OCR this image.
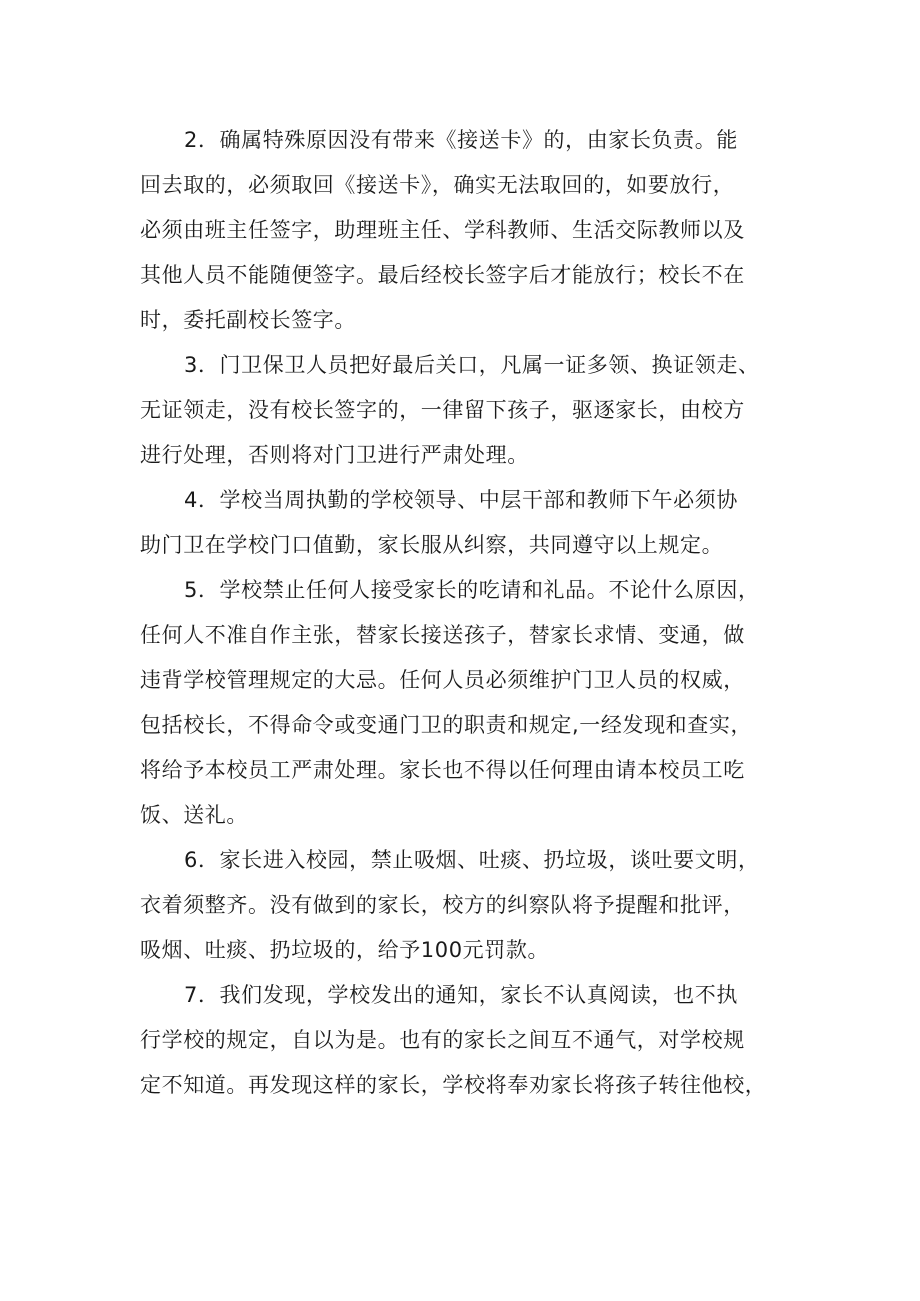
2．确属特殊原因没有带来《接送卡》的，由家长负责。能
回去取的，必须取回《接送卡》，确实无法取回的，如要放行，
必须由班主任签字，助理班主任、学科教师、生活交际教师以及
其他人员不能随便签字。最后经校长签字后才能放行；校长不在
时，委托副校长签字。
3．门卫保卫人员把好最后关口，凡属一证多领、换证领走、
无证领走，没有校长签字的，一律留下孩子，驱逐家长，由校方
进行处理，否则将对门卫进行严肃处理。
4．学校当周执勤的学校领导、中层干部和教师下午必须协
助门卫在学校门口值勤，家长服从纠察，共同遵守以上规定。
5．学校禁止任何人接受家长的吃请和礼品。不论什么原因，
任何人不准自作主张，替家长接送孩子，替家长求情、变通，做
违背学校管理规定的大忌。任何人员必须维护门卫人员的权威，
包括校长，不得命令或变通门卫的职责和规定,一经发现和查实，
将给予本校员工严肃处理。家长也不得以任何理由请本校员工吃
饭、送礼。
6．家长进入校园，禁止吸烟、吐痰、扔垃圾，谈吐要文明，
衣着须整齐。没有做到的家长，校方的纠察队将予提醒和批评，
吸烟、吐痰、扔垃圾的，给予100元罚款。
7．我们发现，学校发出的通知，家长不认真阅读，也不执
行学校的规定，自以为是。也有的家长之间互不通气，对学校规
定不知道。再发现这样的家长，学校将奉劝家长将孩子转往他校，
